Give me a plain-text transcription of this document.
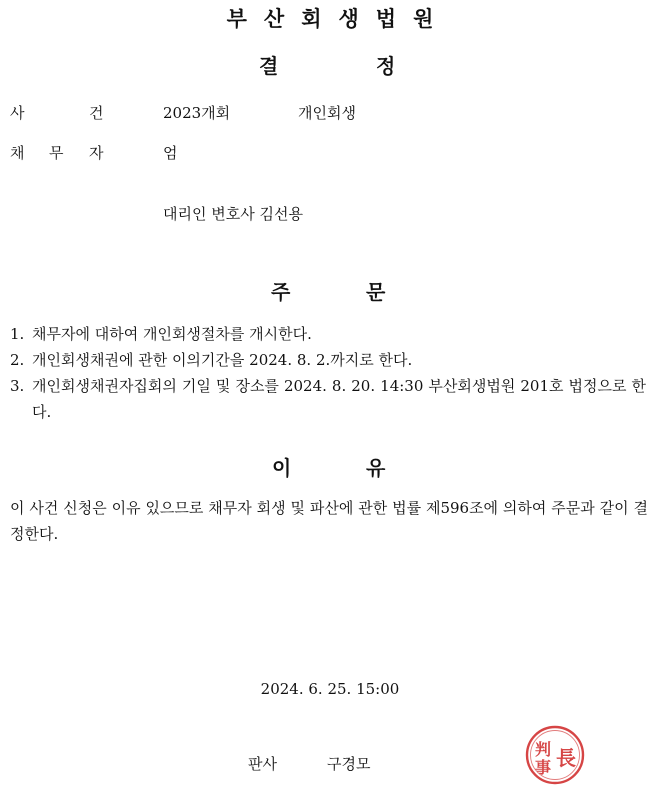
부산회생법원
결	정
사	건	2023개회	개인회생
채 무 자	엄
대리인 변호사 김선용
주	문
1. 채무자에 대하여 개인회생절차를 개시한다.
2. 개인회생채권에 관한 이의기간을 2024. 8. 2.까지로 한다.
3. 개인회생채권자집회의 기일 및 장소를 2024. 8. 20. 14:30 부산회생법원 201호 법정으로 한다.
이	유
이 사건 신청은 이유 있으므로 채무자 회생 및 파산에 관한 법률 제596조에 의하여 주문과 같이 결정한다.
2024. 6. 25. 15:00
판사	구경모
判
事 長
